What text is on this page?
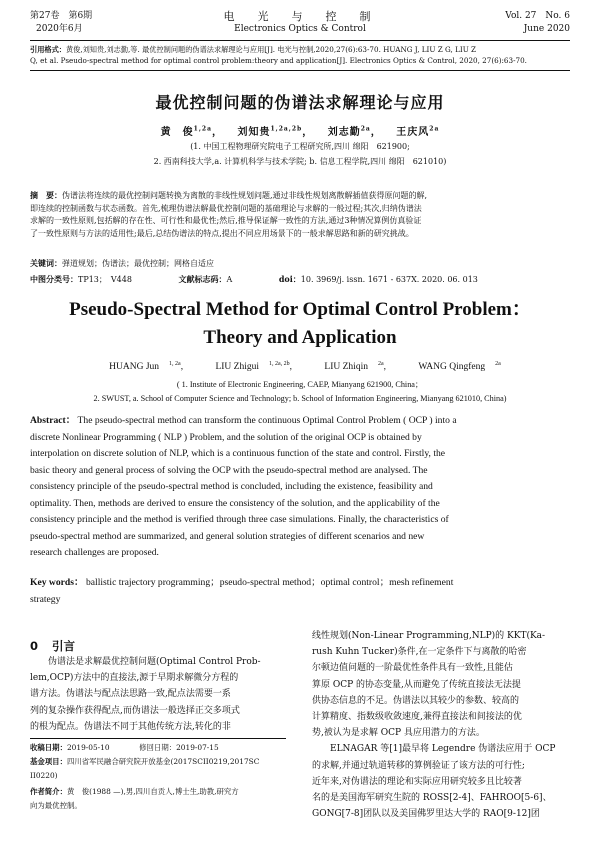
第27卷　第6期
2020年6月
电　光　与　控　制
Electronics Optics & Control
Vol. 27　No. 6
June 2020
引用格式：黄俊,刘知贵,刘志勤,等. 最优控制问题的伪谱法求解理论与应用[J]. 电光与控制,2020,27(6):63-70. HUANG J, LIU Z G, LIU Z
Q, et al. Pseudo-spectral method for optimal control problem:theory and application[J]. Electronics Optics & Control, 2020, 27(6):63-70.
最优控制问题的伪谱法求解理论与应用
黄　俊$^{1,2a}$， 刘知贵$^{1,2a,2b}$， 刘志勤$^{2a}$， 王庆风$^{2a}$
(1. 中国工程物理研究院电子工程研究所,四川 绵阳　621900;
2. 西南科技大学,a. 计算机科学与技术学院; b. 信息工程学院,四川 绵阳　621010)
摘　要：伪谱法将连续的最优控制问题转换为离散的非线性规划问题,通过非线性规划离散解插值获得原问题的解,
即连续的控制函数与状态函数。首先,梳理伪谱法解最优控制问题的基础理论与求解的一般过程;其次,归纳伪谱法
求解的一致性原则,包括解的存在性、可行性和最优性;然后,推导保证解一致性的方法,通过3种情况算例仿真验证
了一致性原则与方法的适用性;最后,总结伪谱法的特点,提出不同应用场景下的一般求解思路和新的研究挑战。
关键词：弹道规划；伪谱法；最优控制；网格自适应
中图分类号：TP13；　V448	文献标志码：A	doi：10. 3969/j. issn. 1671 - 637X. 2020. 06. 013
Pseudo-Spectral Method for Optimal Control Problem：
Theory and Application
HUANG Jun $^{1, 2a}$,	LIU Zhigui $^{1, 2a, 2b}$,	LIU Zhiqin $^{2a}$,	WANG Qingfeng $^{2a}$
( 1. Institute of Electronic Engineering, CAEP, Mianyang 621900, China；
2. SWUST, a. School of Computer Science and Technology; b. School of Information Engineering, Mianyang 621010, China)
Abstract： The pseudo-spectral method can transform the continuous Optimal Control Problem ( OCP ) into a
discrete Nonlinear Programming ( NLP ) Problem, and the solution of the original OCP is obtained by
interpolation on discrete solution of NLP, which is a continuous function of the state and control. Firstly, the
basic theory and general process of solving the OCP with the pseudo-spectral method are analysed. The
consistency principle of the pseudo-spectral method is concluded, including the existence, feasibility and
optimality. Then, methods are derived to ensure the consistency of the solution, and the applicability of the
consistency principle and the method is verified through three case simulations. Finally, the characteristics of
pseudo-spectral method are summarized, and general solution strategies of different scenarios and new
research challenges are proposed.
Key words： ballistic trajectory programming；pseudo-spectral method；optimal control；mesh refinement
strategy
0 引言
　　伪谱法是求解最优控制问题(Optimal Control Prob-
lem,OCP)方法中的直接法,源于早期求解微分方程的
谱方法。伪谱法与配点法思路一致,配点法需要一系
列的复杂操作获得配点,而伪谱法一般选择正交多项式
的根为配点。伪谱法不同于其他传统方法,转化的非
收稿日期：2019-05-10　　　　修回日期：2019-07-15
基金项目：四川省军民融合研究院开放基金(2017SCII0219,2017SC
II0220)
作者简介：黄　俊(1988 —),男,四川自贡人,博士生,助教,研究方
向为最优控制。
线性规划(Non-Linear Programming,NLP)的 KKT(Ka-
rush Kuhn Tucker)条件,在一定条件下与离散的哈密
尔顿边值问题的一阶最优性条件具有一致性,且能估
算原 OCP 的协态变量,从而避免了传统直接法无法提
供协态信息的不足。伪谱法以其较少的参数、较高的
计算精度、指数级收敛速度,兼得直接法和间接法的优
势,被认为是求解 OCP 具应用潜力的方法。
　　ELNAGAR 等[1]最早将 Legendre 伪谱法应用于 OCP
的求解,并通过轨道转移的算例验证了该方法的可行性;
近年来,对伪谱法的理论和实际应用研究较多且比较著
名的是美国海军研究生院的 ROSS[2-4]、FAHROO[5-6]、
GONG[7-8]团队以及美国佛罗里达大学的 RAO[9-12]团
